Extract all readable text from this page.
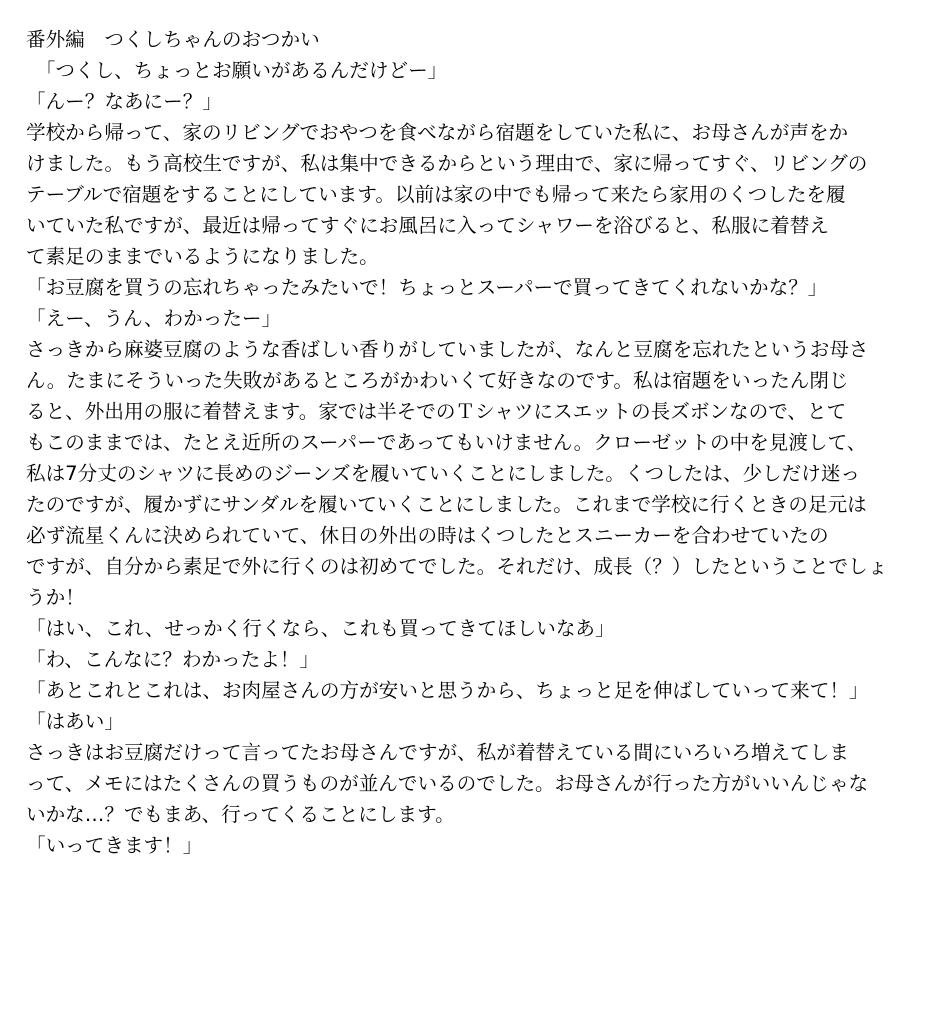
番外編　つくしちゃんのおつかい
　「つくし、ちょっとお願いがあるんだけどー」
「んー？なあにー？」
学校から帰って、家のリビングでおやつを食べながら宿題をしていた私に、お母さんが声をか
けました。もう高校生ですが、私は集中できるからという理由で、家に帰ってすぐ、リビングの
テーブルで宿題をすることにしています。以前は家の中でも帰って来たら家用のくつしたを履
いていた私ですが、最近は帰ってすぐにお風呂に入ってシャワーを浴びると、私服に着替え
て素足のままでいるようになりました。
「お豆腐を買うの忘れちゃったみたいで！ちょっとスーパーで買ってきてくれないかな？」
「えー、うん、わかったー」
さっきから麻婆豆腐のような香ばしい香りがしていましたが、なんと豆腐を忘れたというお母さ
ん。たまにそういった失敗があるところがかわいくて好きなのです。私は宿題をいったん閉じ
ると、外出用の服に着替えます。家では半そでのＴシャツにスエットの長ズボンなので、とて
もこのままでは、たとえ近所のスーパーであってもいけません。クローゼットの中を見渡して、
私は7分丈のシャツに長めのジーンズを履いていくことにしました。くつしたは、少しだけ迷っ
たのですが、履かずにサンダルを履いていくことにしました。これまで学校に行くときの足元は
必ず流星くんに決められていて、休日の外出の時はくつしたとスニーカーを合わせていたの
ですが、自分から素足で外に行くのは初めてでした。それだけ、成長（？）したということでしょ
うか！
「はい、これ、せっかく行くなら、これも買ってきてほしいなあ」
「わ、こんなに？わかったよ！」
「あとこれとこれは、お肉屋さんの方が安いと思うから、ちょっと足を伸ばしていって来て！」
「はあい」
さっきはお豆腐だけって言ってたお母さんですが、私が着替えている間にいろいろ増えてしま
って、メモにはたくさんの買うものが並んでいるのでした。お母さんが行った方がいいんじゃな
いかな…？でもまあ、行ってくることにします。
「いってきます！」
